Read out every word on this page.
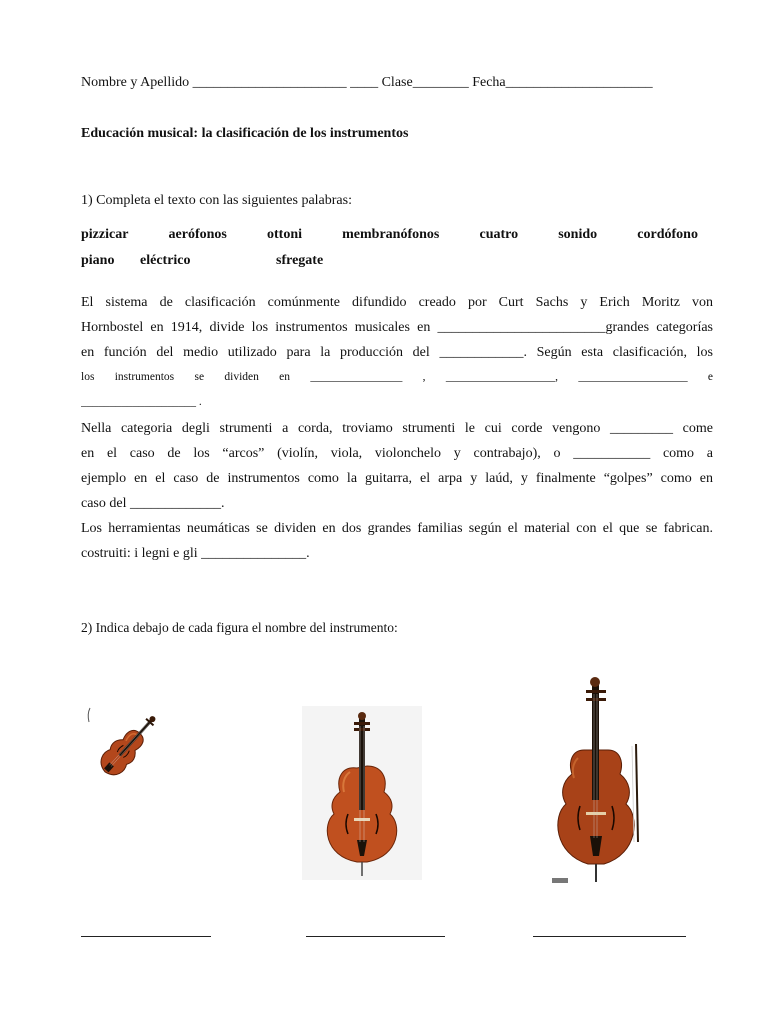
Nombre y Apellido ______________________ ____ Clase________ Fecha_____________________
Educación musical: la clasificación de los instrumentos
1) Completa el texto con las siguientes palabras:
pizzicar	aerófonos	ottoni	membranófonos	cuatro	sonido	cordófono
piano eléctrico	sfregate
El sistema de clasificación comúnmente difundido creado por Curt Sachs y Erich Moritz von
Hornbostel en 1914, divide los instrumentos musicales en ________________________grandes categorías
en función del medio utilizado para la producción del ____________. Según esta clasificación, los
los instrumentos se dividen en ________________ , ___________________, ___________________ e
____________________ .
Nella categoria degli strumenti a corda, troviamo strumenti le cui corde vengono _________ come
en el caso de los “arcos” (violín, viola, violonchelo y contrabajo), o ___________ como a
ejemplo en el caso de instrumentos como la guitarra, el arpa y laúd, y finalmente “golpes” como en
caso del _____________.
Los herramientas neumáticas se dividen en dos grandes familias según el material con el que se fabrican.
costruiti: i legni e gli _______________.
2) Indica debajo de cada figura el nombre del instrumento:
